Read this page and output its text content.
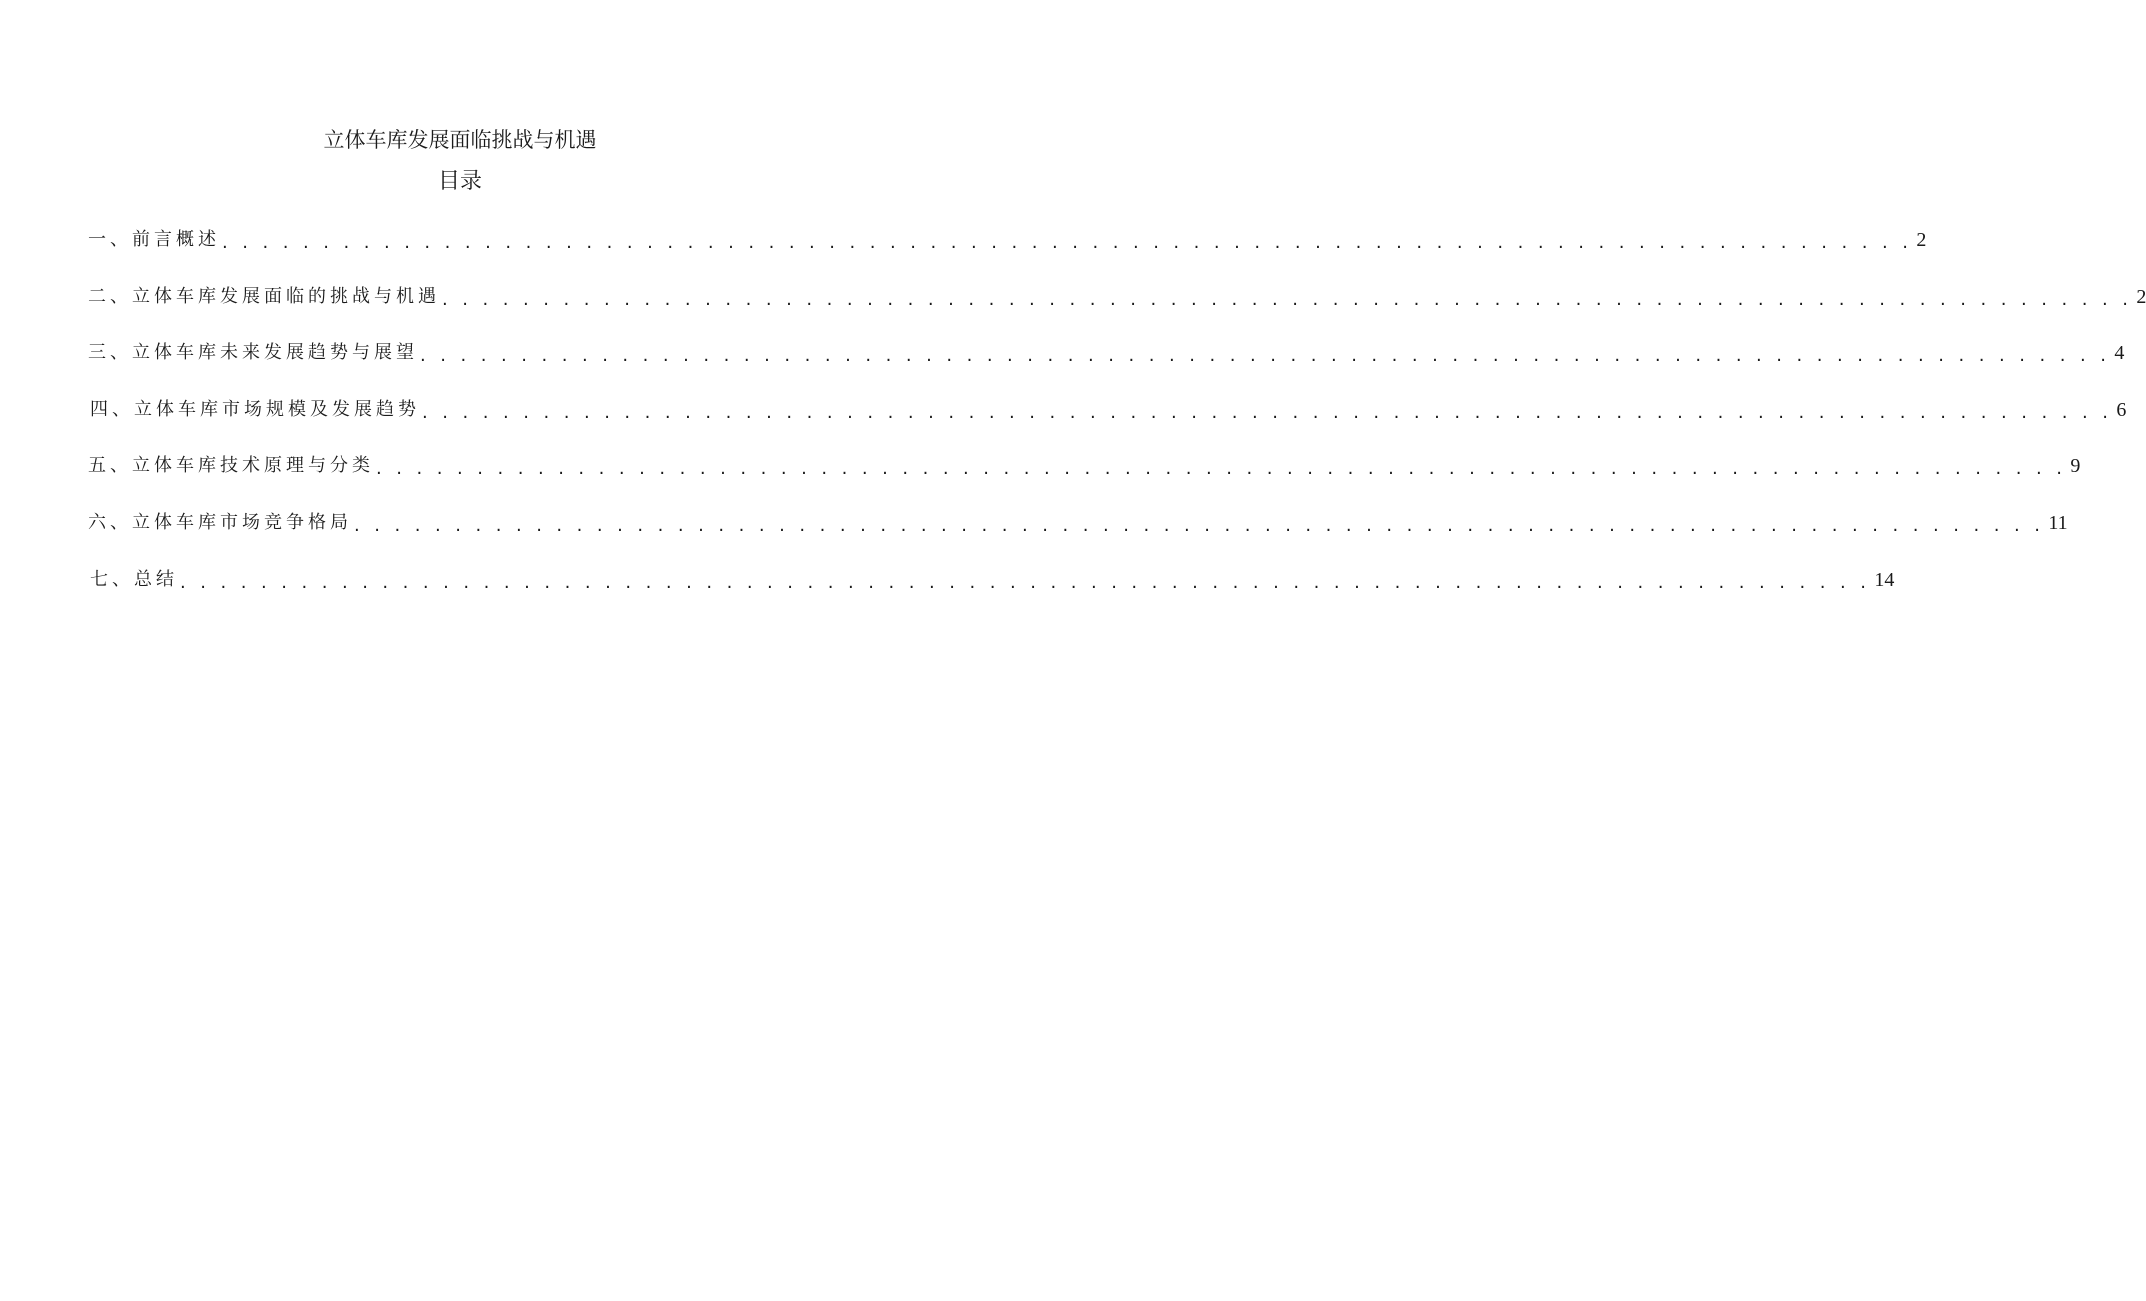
立体车库发展面临挑战与机遇
目录
一、前言概述 . . . . . . . . . . . . . . . . . . . . . . . . . . . . . . . . . . . . . . . . . . . . . . . . . . . . . . . . . . . . . . . . . . . . . . . . . . . . . . . . . . . . 2
二、立体车库发展面临的挑战与机遇 . . . . . . . . . . . . . . . . . . . . . . . . . . . . . . . . . . . . . . . . . . . . . . . . . . . . . . . . . . . . . . . . . . . . . . . . . . . . . . . . . . . . 2
三、立体车库未来发展趋势与展望 . . . . . . . . . . . . . . . . . . . . . . . . . . . . . . . . . . . . . . . . . . . . . . . . . . . . . . . . . . . . . . . . . . . . . . . . . . . . . . . . . . . . 4
四、立体车库市场规模及发展趋势 . . . . . . . . . . . . . . . . . . . . . . . . . . . . . . . . . . . . . . . . . . . . . . . . . . . . . . . . . . . . . . . . . . . . . . . . . . . . . . . . . . . . 6
五、立体车库技术原理与分类 . . . . . . . . . . . . . . . . . . . . . . . . . . . . . . . . . . . . . . . . . . . . . . . . . . . . . . . . . . . . . . . . . . . . . . . . . . . . . . . . . . . . 9
六、立体车库市场竞争格局 . . . . . . . . . . . . . . . . . . . . . . . . . . . . . . . . . . . . . . . . . . . . . . . . . . . . . . . . . . . . . . . . . . . . . . . . . . . . . . . . . . . . 11
七、总结 . . . . . . . . . . . . . . . . . . . . . . . . . . . . . . . . . . . . . . . . . . . . . . . . . . . . . . . . . . . . . . . . . . . . . . . . . . . . . . . . . . . . 14
